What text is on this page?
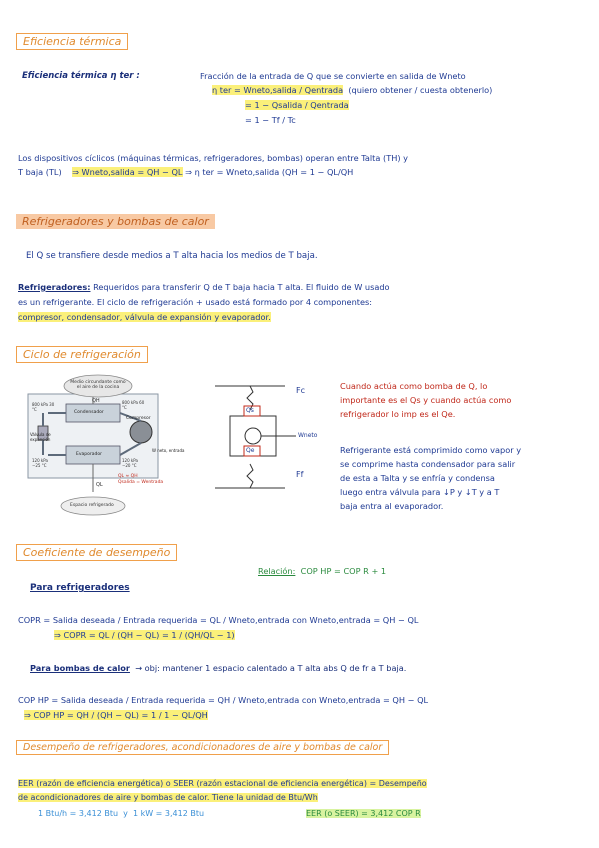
Eficiencia térmica
Eficiencia térmica η ter :	Fracción de la entrada de Q que se convierte en salida de Wneto
η ter = Wneto,salida / Qentrada (quiero obtener / cuesta obtenerlo)
= 1 − Qsalida / Qentrada
= 1 − Tf / Tc
Los dispositivos cíclicos (máquinas térmicas, refrigeradores, bombas) operan entre Talta (TH) y
T baja (TL) ⇒ Wneto,salida = QH − QL ⇒ η ter = Wneto,salida (QH = 1 − QL/QH
Refrigeradores y bombas de calor
El Q se transfiere desde medios a T alta hacia los medios de T baja.
Refrigeradores: Requeridos para transferir Q de T baja hacia T alta. El fluido de W usado
es un refrigerante. El ciclo de refrigeración + usado está formado por 4 componentes:
compresor, condensador, válvula de expansión y evaporador.
Ciclo de refrigeración
Medio circundante como el aire de la cocina
QH
Condensador
Válvula de expansión
Compresor
Evaporador
W neto, entrada
800 kPa 30 °C
800 kPa 60 °C
120 kPa −25 °C
120 kPa −20 °C
QL
Espacio refrigerado
QL ≈ QH
Qsalida = Wentrada
Fc
Ff
Qs
Qe
Wneto
Cuando actúa como bomba de Q, lo
importante es el Qs y cuando actúa como
refrigerador lo imp es el Qe.
Refrigerante está comprimido como vapor y
se comprime hasta condensador para salir
de esta a Talta y se enfría y condensa
luego entra válvula para ↓P y ↓T y a T
baja entra al evaporador.
Coeficiente de desempeño
Relación: COP HP = COP R + 1
Para refrigeradores
COPR = Salida deseada / Entrada requerida = QL / Wneto,entrada con Wneto,entrada = QH − QL
⇒ COPR = QL / (QH − QL) = 1 / (QH/QL − 1)
Para bombas de calor → obj: mantener 1 espacio calentado a T alta abs Q de fr a T baja.
COP HP = Salida deseada / Entrada requerida = QH / Wneto,entrada con Wneto,entrada = QH − QL
⇒ COP HP = QH / (QH − QL) = 1 / 1 − QL/QH
Desempeño de refrigeradores, acondicionadores de aire y bombas de calor
EER (razón de eficiencia energética) o SEER (razón estacional de eficiencia energética) = Desempeño
de acondicionadores de aire y bombas de calor. Tiene la unidad de Btu/Wh
1 Btu/h = 3,412 Btu y 1 kW = 3,412 Btu	EER (o SEER) = 3,412 COP R
